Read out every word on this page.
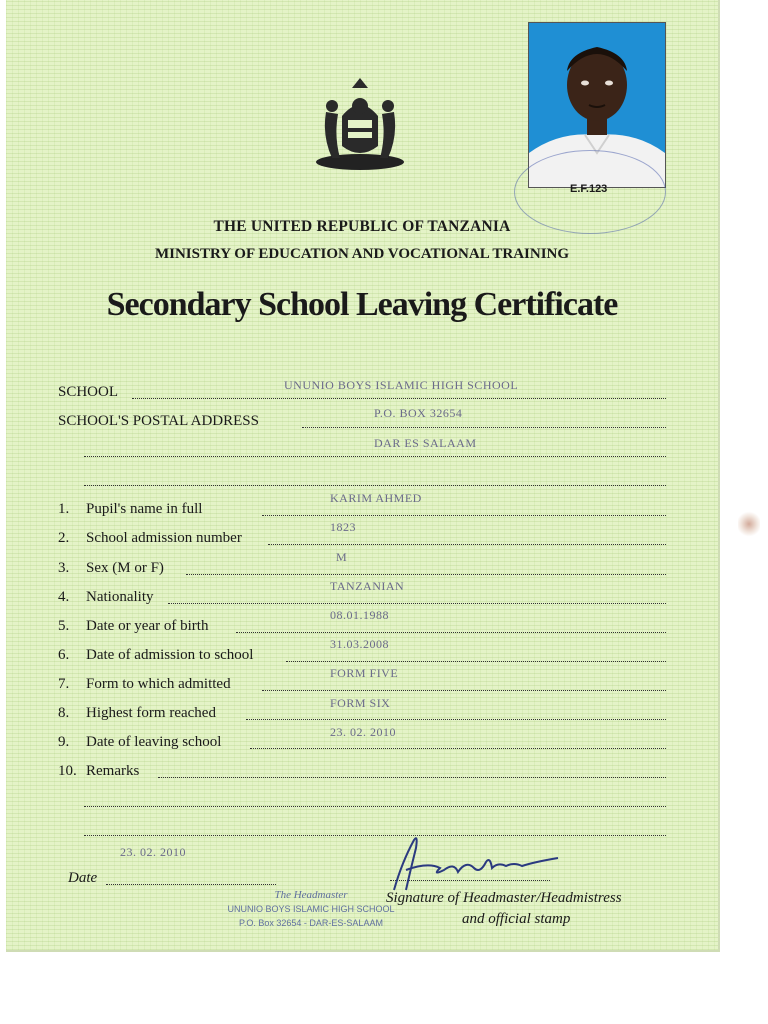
E.F.123
THE UNITED REPUBLIC OF TANZANIA
MINISTRY OF EDUCATION AND VOCATIONAL TRAINING
Secondary School Leaving Certificate
SCHOOL	UNUNIO BOYS ISLAMIC HIGH SCHOOL
SCHOOL'S POSTAL ADDRESS	P.O. BOX 32654
DAR ES SALAAM
1. Pupil's name in full
KARIM AHMED
2. School admission number
1823
3. Sex (M or F)
M
4. Nationality
TANZANIAN
5. Date or year of birth
08.01.1988
6. Date of admission to school
31.03.2008
7. Form to which admitted
FORM FIVE
8. Highest form reached
FORM SIX
9. Date of leaving school
23. 02. 2010
10. Remarks
23. 02. 2010
Date
Signature of Headmaster/Headmistress
and official stamp
The Headmaster
UNUNIO BOYS ISLAMIC HIGH SCHOOL
P.O. Box 32654 - DAR-ES-SALAAM
